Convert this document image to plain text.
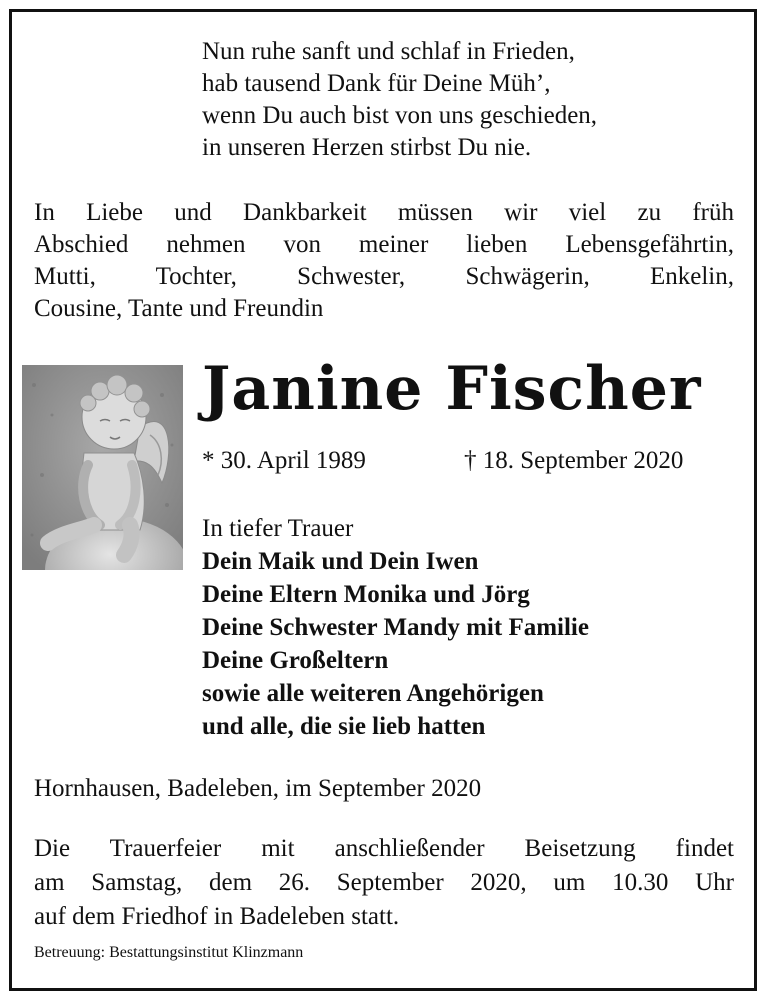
Nun ruhe sanft und schlaf in Frieden,
hab tausend Dank für Deine Müh’,
wenn Du auch bist von uns geschieden,
in unseren Herzen stirbst Du nie.
In Liebe und Dankbarkeit müssen wir viel zu früh
Abschied nehmen von meiner lieben Lebensgefährtin,
Mutti, Tochter, Schwester, Schwägerin, Enkelin,
Cousine, Tante und Freundin
Janine Fischer
* 30. April 1989	† 18. September 2020
In tiefer Trauer
Dein Maik und Dein Iwen
Deine Eltern Monika und Jörg
Deine Schwester Mandy mit Familie
Deine Großeltern
sowie alle weiteren Angehörigen
und alle, die sie lieb hatten
Hornhausen, Badeleben, im September 2020
Die Trauerfeier mit anschließender Beisetzung findet
am Samstag, dem 26. September 2020, um 10.30 Uhr
auf dem Friedhof in Badeleben statt.
Betreuung: Bestattungsinstitut Klinzmann
